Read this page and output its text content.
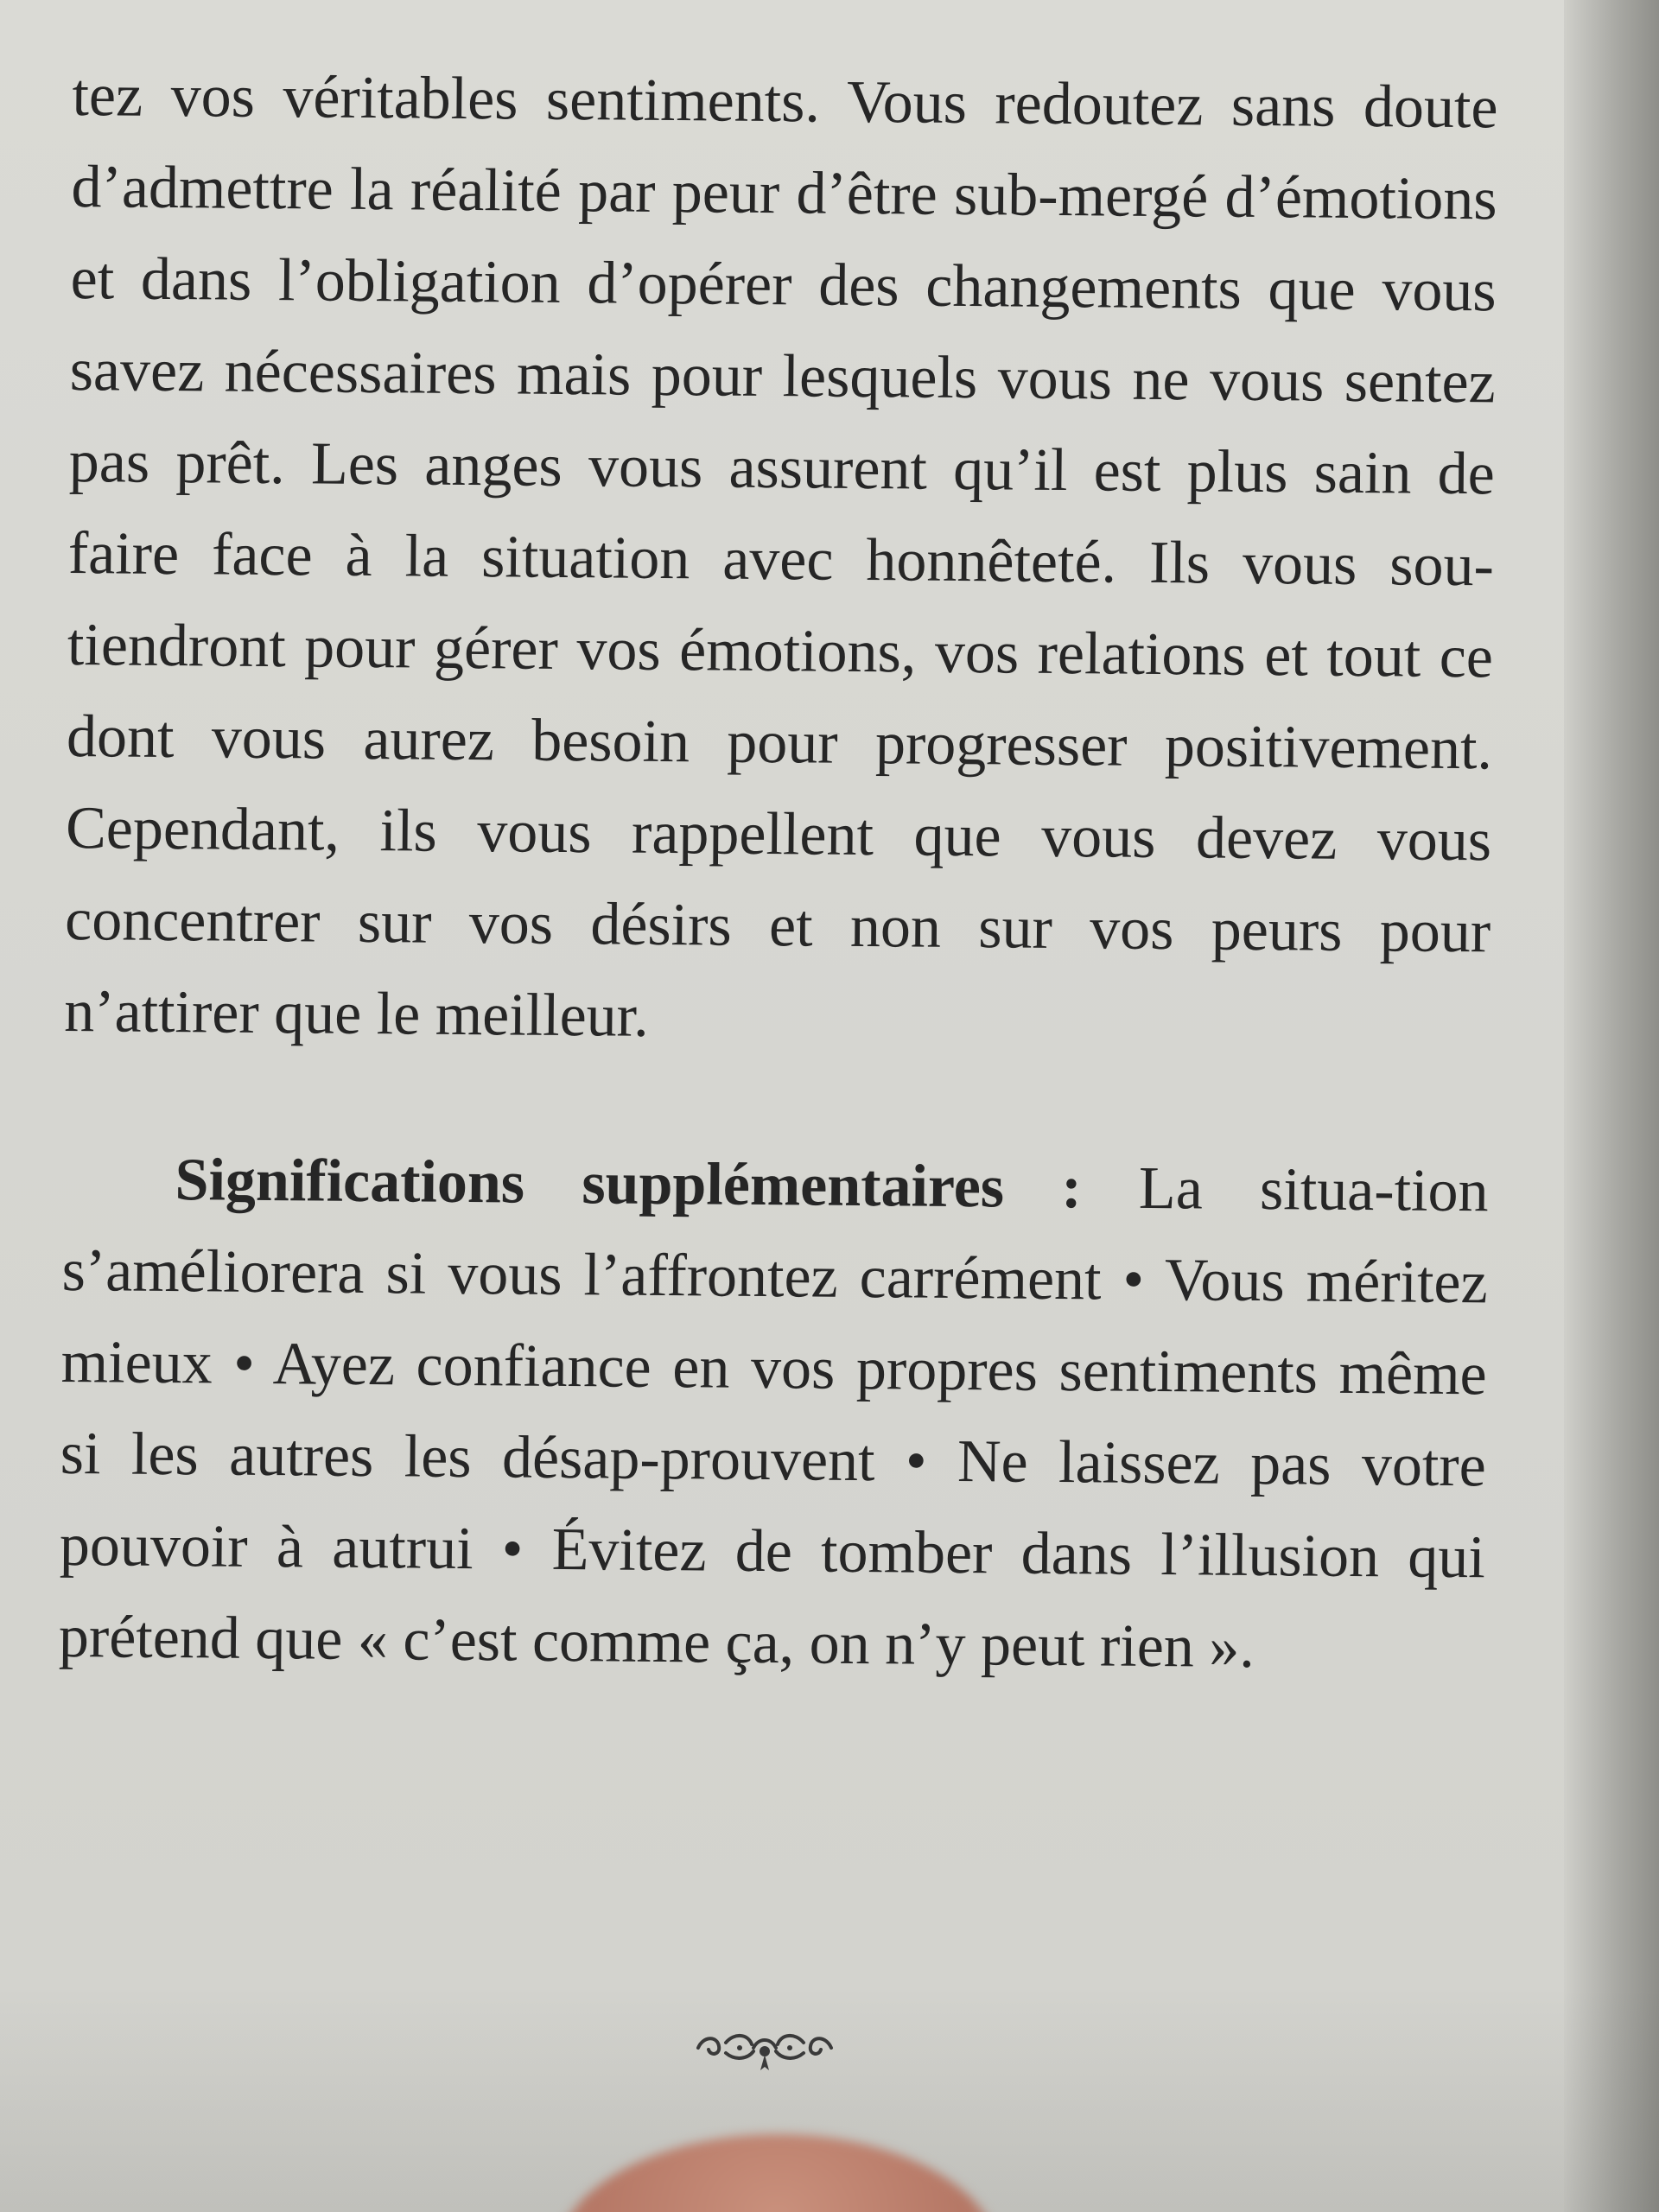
tez vos véritables sentiments. Vous redoutez sans doute d’admettre la réalité par peur d’être sub-mergé d’émotions et dans l’obligation d’opérer des changements que vous savez nécessaires mais pour lesquels vous ne vous sentez pas prêt. Les anges vous assurent qu’il est plus sain de faire face à la situation avec honnêteté. Ils vous sou-tiendront pour gérer vos émotions, vos relations et tout ce dont vous aurez besoin pour progresser positivement. Cependant, ils vous rappellent que vous devez vous concentrer sur vos désirs et non sur vos peurs pour n’attirer que le meilleur.

Significations supplémentaires : La situa-tion s’améliorera si vous l’affrontez carrément • Vous méritez mieux • Ayez confiance en vos propres sentiments même si les autres les désap-prouvent • Ne laissez pas votre pouvoir à autrui • Évitez de tomber dans l’illusion qui prétend que « c’est comme ça, on n’y peut rien ».
